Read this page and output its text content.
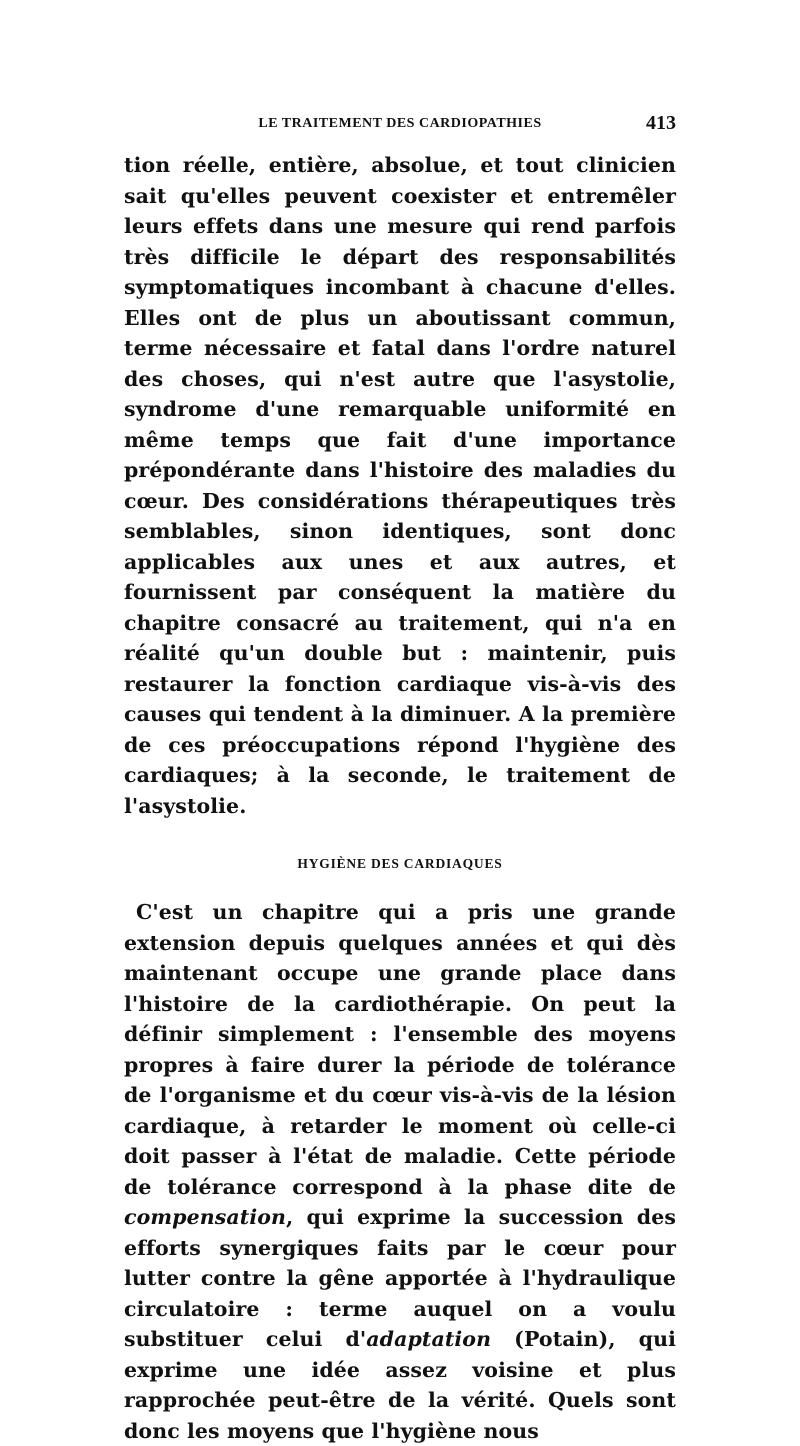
LE TRAITEMENT DES CARDIOPATHIES	413

tion réelle, entière, absolue, et tout clinicien sait qu'elles peuvent coexister et entremêler leurs effets dans une mesure qui rend parfois très difficile le départ des responsabilités symptomatiques incombant à chacune d'elles. Elles ont de plus un aboutissant commun, terme nécessaire et fatal dans l'ordre naturel des choses, qui n'est autre que l'asystolie, syndrome d'une remarquable uniformité en même temps que fait d'une importance prépondérante dans l'histoire des maladies du cœur. Des considérations thérapeutiques très semblables, sinon identiques, sont donc applicables aux unes et aux autres, et fournissent par conséquent la matière du chapitre consacré au traitement, qui n'a en réalité qu'un double but : maintenir, puis restaurer la fonction cardiaque vis-à-vis des causes qui tendent à la diminuer. A la première de ces préoccupations répond l'hygiène des cardiaques; à la seconde, le traitement de l'asystolie.

HYGIÈNE DES CARDIAQUES

C'est un chapitre qui a pris une grande extension depuis quelques années et qui dès maintenant occupe une grande place dans l'histoire de la cardiothérapie. On peut la définir simplement : l'ensemble des moyens propres à faire durer la période de tolérance de l'organisme et du cœur vis-à-vis de la lésion cardiaque, à retarder le moment où celle-ci doit passer à l'état de maladie. Cette période de tolérance correspond à la phase dite de compensation, qui exprime la succession des efforts synergiques faits par le cœur pour lutter contre la gêne apportée à l'hydraulique circulatoire : terme auquel on a voulu substituer celui d'adaptation (Potain), qui exprime une idée assez voisine et plus rapprochée peut-être de la vérité. Quels sont donc les moyens que l'hygiène nous
